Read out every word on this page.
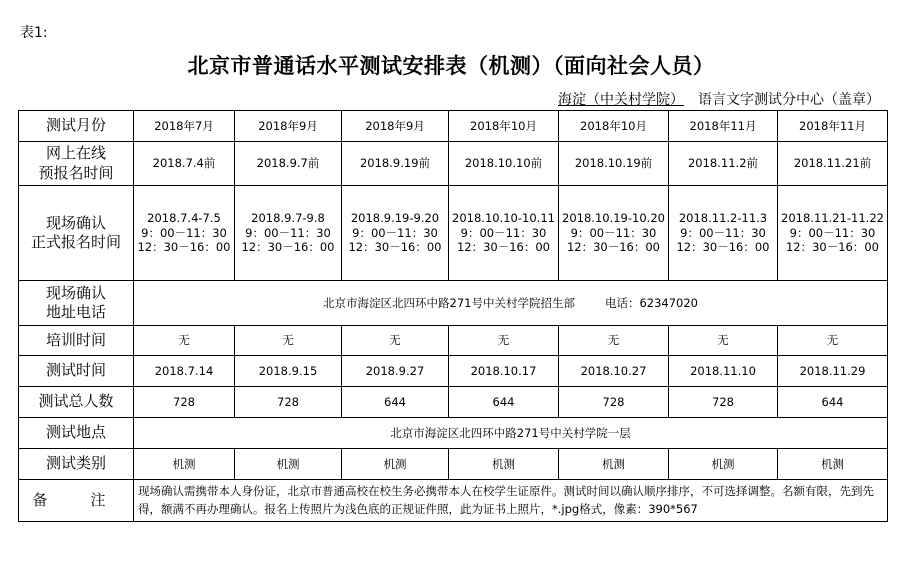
表1:
北京市普通话水平测试安排表（机测）（面向社会人员）
海淀（中关村学院） 语言文字测试分中心（盖章）
测试月份	2018年7月	2018年9月	2018年9月	2018年10月	2018年10月	2018年11月	2018年11月

网上在线
预报名时间	2018.7.4前	2018.9.7前	2018.9.19前	2018.10.10前	2018.10.19前	2018.11.2前	2018.11.21前

现场确认
正式报名时间	2018.7.4-7.5
9：00－11：30
12：30－16：00	2018.9.7-9.8
9：00－11：30
12：30－16：00	2018.9.19-9.20
9：00－11：30
12：30－16：00	2018.10.10-10.11
9：00－11：30
12：30－16：00	2018.10.19-10.20
9：00－11：30
12：30－16：00	2018.11.2-11.3
9：00－11：30
12：30－16：00	2018.11.21-11.22
9：00－11：30
12：30－16：00

现场确认
地址电话	北京市海淀区北四环中路271号中关村学院招生部 电话：62347020						
培训时间	无	无	无	无	无	无	无
测试时间	2018.7.14	2018.9.15	2018.9.27	2018.10.17	2018.10.27	2018.11.10	2018.11.29
测试总人数	728	728	644	644	728	728	644
测试地点	北京市海淀区北四环中路271号中关村学院一层						
测试类别	机测	机测	机测	机测	机测	机测	机测
备　注	现场确认需携带本人身份证，北京市普通高校在校生务必携带本人在校学生证原件。测试时间以确认顺序排序，不可选择调整。名额有限，先到先得，额满不再办理确认。报名上传照片为浅色底的正规证件照，此为证书上照片，*.jpg格式，像素：390*567						
